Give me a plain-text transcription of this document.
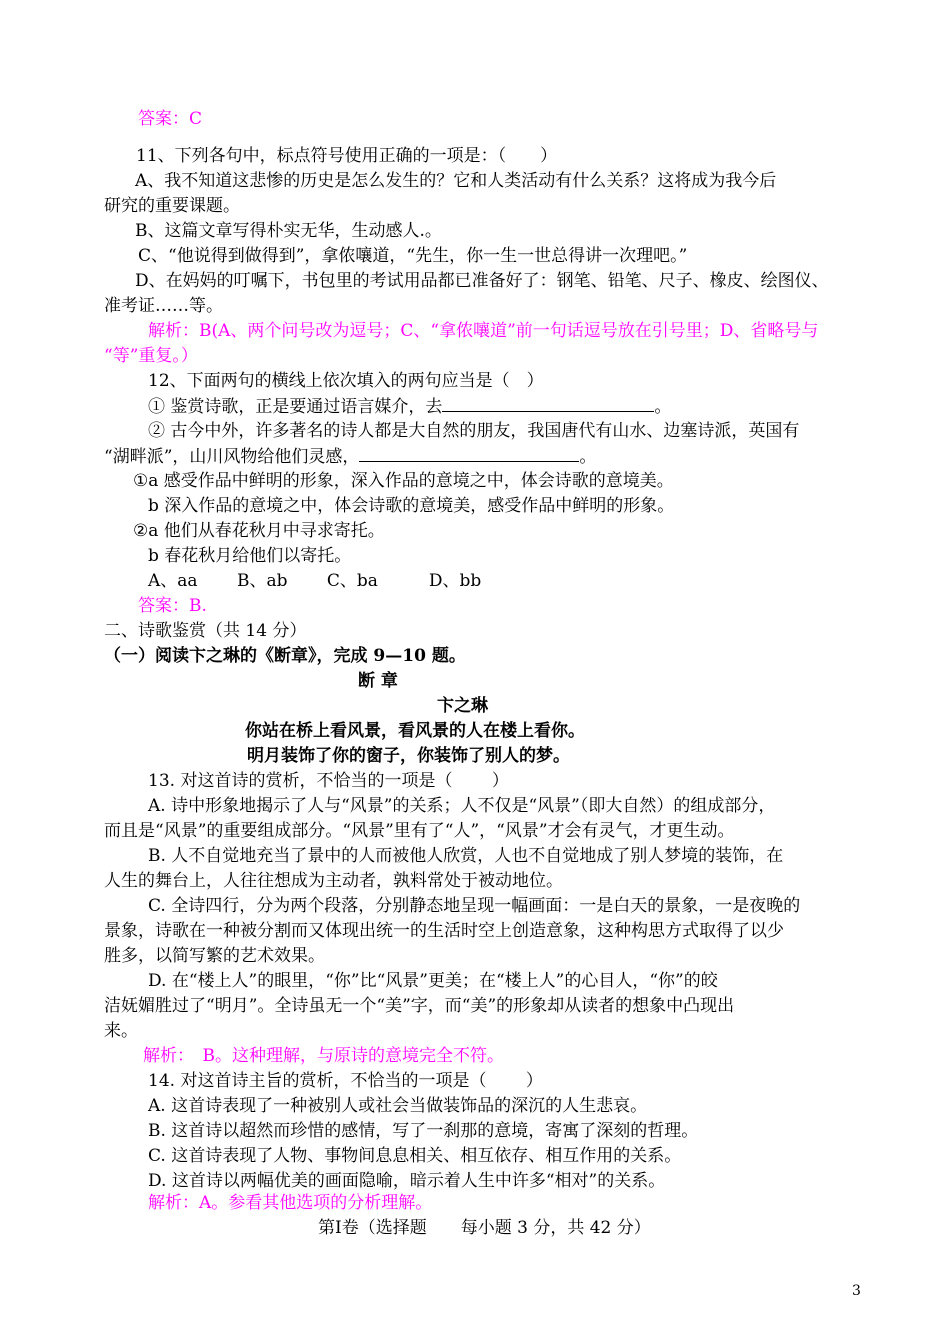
答案：C
11、下列各句中，标点符号使用正确的一项是：（　　）
A、我不知道这悲惨的历史是怎么发生的？它和人类活动有什么关系？这将成为我今后
研究的重要课题。
B、这篇文章写得朴实无华，生动感人.。
C、“他说得到做得到”，拿侬嚷道，“先生，你一生一世总得讲一次理吧。”
D、在妈妈的叮嘱下，书包里的考试用品都已准备好了：钢笔、铅笔、尺子、橡皮、绘图仪、
准考证……等。
解析：B(A、两个问号改为逗号；C、“拿侬嚷道”前一句话逗号放在引号里；D、省略号与
“等”重复。）
12、下面两句的横线上依次填入的两句应当是（　）
① 鉴赏诗歌，正是要通过语言媒介，去	。
② 古今中外，许多著名的诗人都是大自然的朋友，我国唐代有山水、边塞诗派，英国有
“湖畔派”，山川风物给他们灵感，	。
①a 感受作品中鲜明的形象，深入作品的意境之中，体会诗歌的意境美。
b 深入作品的意境之中，体会诗歌的意境美，感受作品中鲜明的形象。
②a 他们从春花秋月中寻求寄托。
b 春花秋月给他们以寄托。
A、aa　　 B、ab　　 C、ba　　　D、bb
答案：B.
二、诗歌鉴赏（共 14 分）
（一）阅读卞之琳的《断章》，完成 9—10 题。
断 章
卞之琳
你站在桥上看风景，看风景的人在楼上看你。
明月装饰了你的窗子，你装饰了别人的梦。
13. 对这首诗的赏析，不恰当的一项是（　　 ）
A. 诗中形象地揭示了人与“风景”的关系；人不仅是“风景”（即大自然）的组成部分，
而且是“风景”的重要组成部分。“风景”里有了“人”，“风景”才会有灵气，才更生动。
B. 人不自觉地充当了景中的人而被他人欣赏，人也不自觉地成了别人梦境的装饰，在
人生的舞台上，人往往想成为主动者，孰料常处于被动地位。
C. 全诗四行，分为两个段落，分别静态地呈现一幅画面：一是白天的景象，一是夜晚的
景象，诗歌在一种被分割而又体现出统一的生活时空上创造意象，这种构思方式取得了以少
胜多，以简写繁的艺术效果。
D. 在“楼上人”的眼里，“你”比“风景”更美；在“楼上人”的心目人，“你”的皎
洁妩媚胜过了“明月”。全诗虽无一个“美”字，而“美”的形象却从读者的想象中凸现出
来。
解析：　B。这种理解，与原诗的意境完全不符。
14. 对这首诗主旨的赏析，不恰当的一项是（　　 ）
A. 这首诗表现了一种被别人或社会当做装饰品的深沉的人生悲哀。
B. 这首诗以超然而珍惜的感情，写了一刹那的意境，寄寓了深刻的哲理。
C. 这首诗表现了人物、事物间息息相关、相互依存、相互作用的关系。
D. 这首诗以两幅优美的画面隐喻，暗示着人生中许多“相对”的关系。
解析：A。参看其他选项的分析理解。
第Ⅰ卷（选择题　　每小题 3 分，共 42 分）
3
